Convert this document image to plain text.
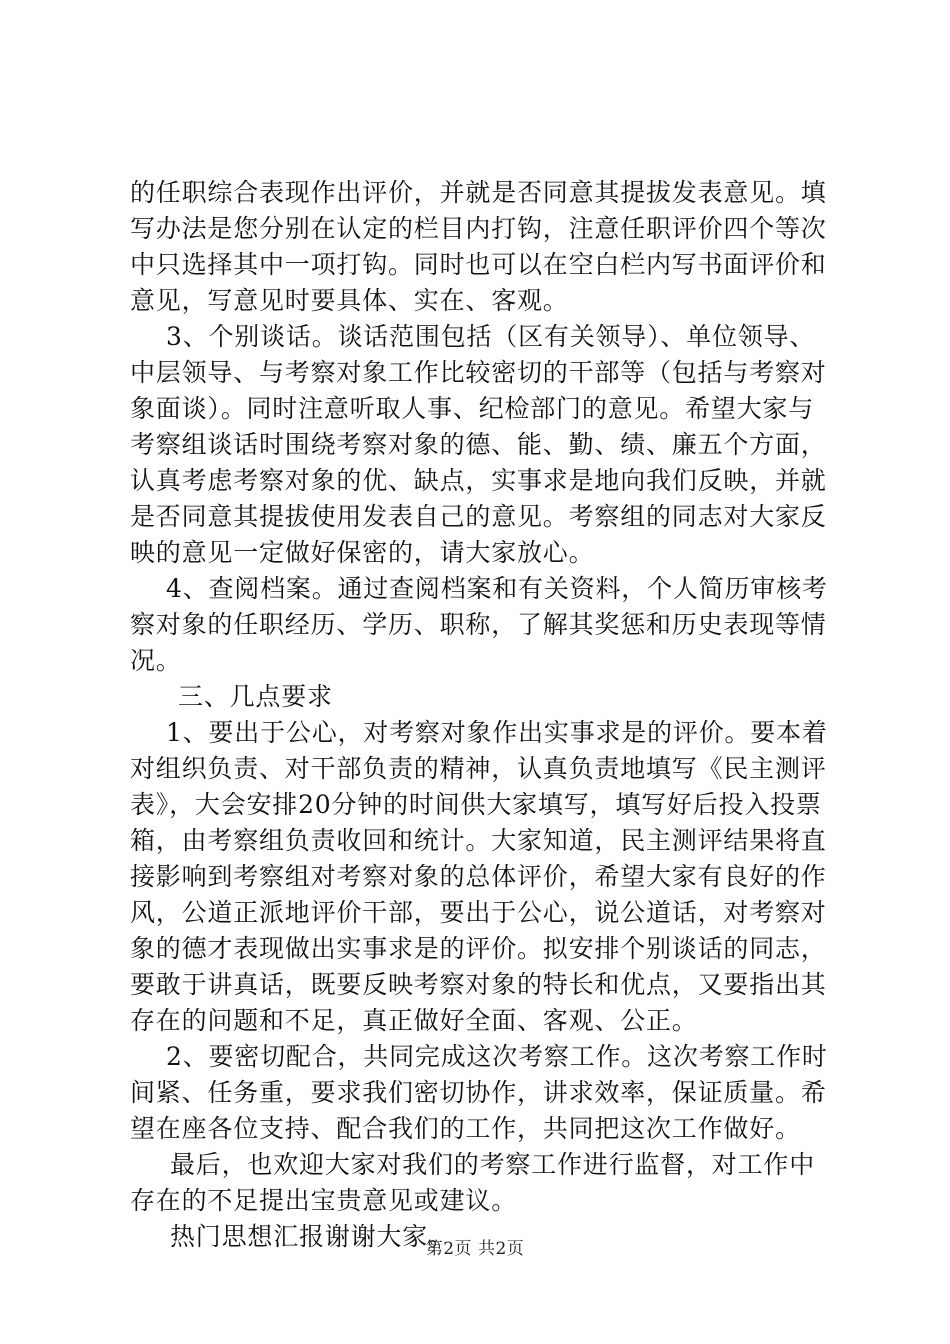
的任职综合表现作出评价，并就是否同意其提拔发表意见。填
写办法是您分别在认定的栏目内打钩，注意任职评价四个等次
中只选择其中一项打钩。同时也可以在空白栏内写书面评价和
意见，写意见时要具体、实在、客观。
3、个别谈话。谈话范围包括（区有关领导）、单位领导、
中层领导、与考察对象工作比较密切的干部等（包括与考察对
象面谈）。同时注意听取人事、纪检部门的意见。希望大家与
考察组谈话时围绕考察对象的德、能、勤、绩、廉五个方面，
认真考虑考察对象的优、缺点，实事求是地向我们反映，并就
是否同意其提拔使用发表自己的意见。考察组的同志对大家反
映的意见一定做好保密的，请大家放心。
4、查阅档案。通过查阅档案和有关资料，个人简历审核考
察对象的任职经历、学历、职称，了解其奖惩和历史表现等情
况。
三、几点要求
1、要出于公心，对考察对象作出实事求是的评价。要本着
对组织负责、对干部负责的精神，认真负责地填写《民主测评
表》，大会安排20分钟的时间供大家填写，填写好后投入投票
箱，由考察组负责收回和统计。大家知道，民主测评结果将直
接影响到考察组对考察对象的总体评价，希望大家有良好的作
风，公道正派地评价干部，要出于公心，说公道话，对考察对
象的德才表现做出实事求是的评价。拟安排个别谈话的同志，
要敢于讲真话，既要反映考察对象的特长和优点，又要指出其
存在的问题和不足，真正做好全面、客观、公正。
2、要密切配合，共同完成这次考察工作。这次考察工作时
间紧、任务重，要求我们密切协作，讲求效率，保证质量。希
望在座各位支持、配合我们的工作，共同把这次工作做好。
最后，也欢迎大家对我们的考察工作进行监督，对工作中
存在的不足提出宝贵意见或建议。
热门思想汇报谢谢大家。
第2页 共2页
